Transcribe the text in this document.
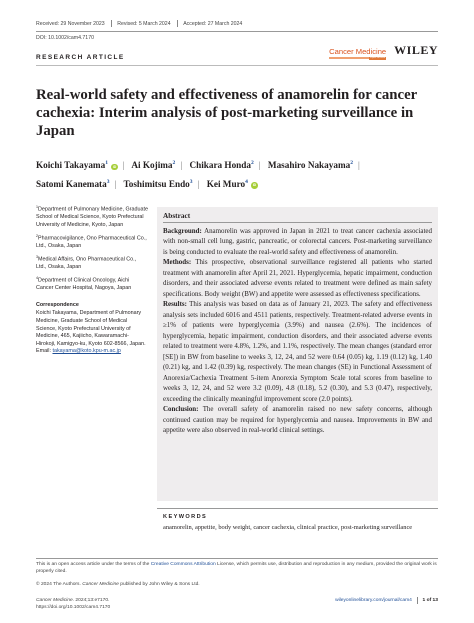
Received: 29 November 2023 Revised: 5 March 2024 Accepted: 27 March 2024
DOI: 10.1002/cam4.7170
Cancer Medicine
Open Access
WILEY
RESEARCH ARTICLE
Real-world safety and effectiveness of anamorelin for cancer cachexia: Interim analysis of post-marketing surveillance in Japan
Koichi Takayama$^1$ iD | Ai Kojima$^2$ | Chikara Honda$^2$ | Masahiro Nakayama$^2$ |
Satomi Kanemata$^3$ | Toshimitsu Endo$^3$ | Kei Muro$^4$ iD
$^1$Department of Pulmonary Medicine, Graduate School of Medical Science, Kyoto Prefectural University of Medicine, Kyoto, Japan
$^2$Pharmacovigilance, Ono Pharmaceutical Co., Ltd., Osaka, Japan
$^3$Medical Affairs, Ono Pharmaceutical Co., Ltd., Osaka, Japan
$^4$Department of Clinical Oncology, Aichi Cancer Center Hospital, Nagoya, Japan
Correspondence
Koichi Takayama, Department of Pulmonary Medicine, Graduate School of Medical Science, Kyoto Prefectural University of Medicine, 465, Kajiicho, Kawaramachi-Hirokoji, Kamigyo-ku, Kyoto 602-8566, Japan.
Email: takayama@koto.kpu-m.ac.jp
Abstract

Background: Anamorelin was approved in Japan in 2021 to treat cancer cachexia associated with non-small cell lung, gastric, pancreatic, or colorectal cancers. Post-marketing surveillance is being conducted to evaluate the real-world safety and effectiveness of anamorelin.

Methods: This prospective, observational surveillance registered all patients who started treatment with anamorelin after April 21, 2021. Hyperglycemia, hepatic impairment, conduction disorders, and their associated adverse events related to treatment were defined as main safety specifications. Body weight (BW) and appetite were assessed as effectiveness specifications.

Results: This analysis was based on data as of January 21, 2023. The safety and effectiveness analysis sets included 6016 and 4511 patients, respectively. Treatment-related adverse events in ≥1% of patients were hyperglycemia (3.9%) and nausea (2.6%). The incidences of hyperglycemia, hepatic impairment, conduction disorders, and their associated adverse events related to treatment were 4.8%, 1.2%, and 1.1%, respectively. The mean changes (standard error [SE]) in BW from baseline to weeks 3, 12, 24, and 52 were 0.64 (0.05) kg, 1.19 (0.12) kg, 1.40 (0.21) kg, and 1.42 (0.39) kg, respectively. The mean changes (SE) in Functional Assessment of Anorexia/Cachexia Treatment 5-item Anorexia Symptom Scale total scores from baseline to weeks 3, 12, 24, and 52 were 3.2 (0.09), 4.8 (0.18), 5.2 (0.30), and 5.3 (0.47), respectively, exceeding the clinically meaningful improvement score (2.0 points).

Conclusion: The overall safety of anamorelin raised no new safety concerns, although continued caution may be required for hyperglycemia and nausea. Improvements in BW and appetite were also observed in real-world clinical settings.

KEYWORDS
anamorelin, appetite, body weight, cancer cachexia, clinical practice, post-marketing surveillance
This is an open access article under the terms of the Creative Commons Attribution License, which permits use, distribution and reproduction in any medium, provided the original work is properly cited.
© 2024 The Authors. Cancer Medicine published by John Wiley & Sons Ltd.
Cancer Medicine. 2024;13:e7170.
https://doi.org/10.1002/cam4.7170
wileyonlinelibrary.com/journal/cam4 1 of 13
